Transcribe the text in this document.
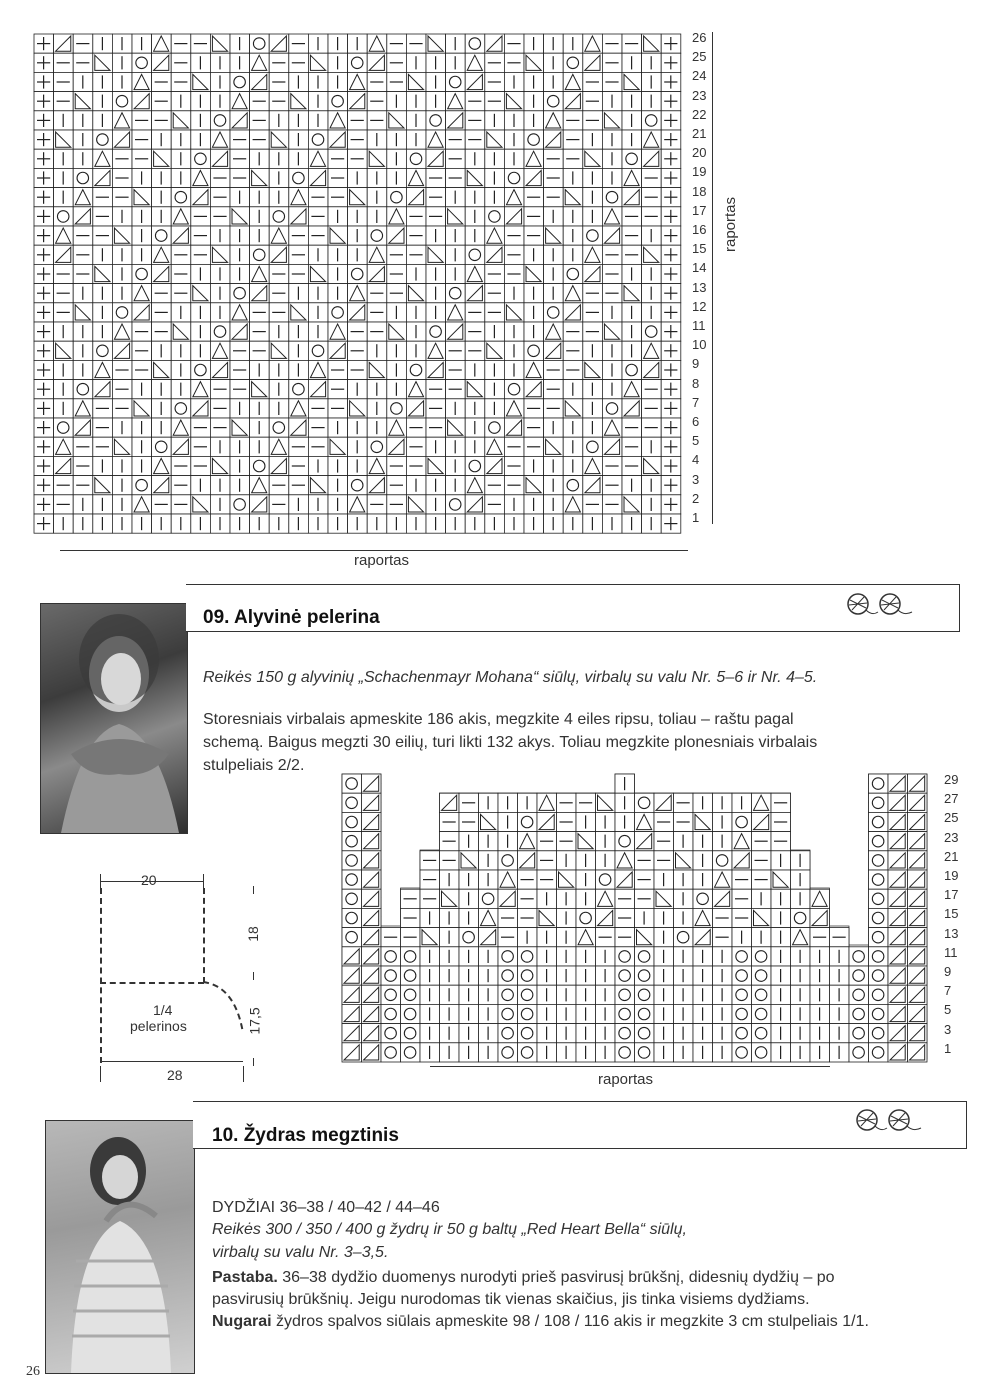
26
25
24
23
22
21
20
19
18
17
16
15
14
13
12
11
10
9
8
7
6
5
4
3
2
1
raportas
raportas
09. Alyvinė pelerina
Reikės 150 g alyvinių „Schachenmayr Mohana“ siūlų, virbalų su valu Nr. 5–6 ir Nr. 4–5.
Storesniais virbalais apmeskite 186 akis, megzkite 4 eiles ripsu, toliau – raštu pagal
schemą. Baigus megzti 30 eilių, turi likti 132 akys. Toliau megzkite plonesniais virbalais
stulpeliais 2/2.
20
1/4
pelerinos
28
18
17,5
29
27
25
23
21
19
17
15
13
11
9
7
5
3
1
raportas
10. Žydras megztinis
DYDŽIAI 36–38 / 40–42 / 44–46
Reikės 300 / 350 / 400 g žydrų ir 50 g baltų „Red Heart Bella“ siūlų,
virbalų su valu Nr. 3–3,5.
Pastaba. 36–38 dydžio duomenys nurodyti prieš pasvirusį brūkšnį, didesnių dydžių – po
pasvirusių brūkšnių. Jeigu nurodomas tik vienas skaičius, jis tinka visiems dydžiams.
Nugarai žydros spalvos siūlais apmeskite 98 / 108 / 116 akis ir megzkite 3 cm stulpeliais 1/1.
26
